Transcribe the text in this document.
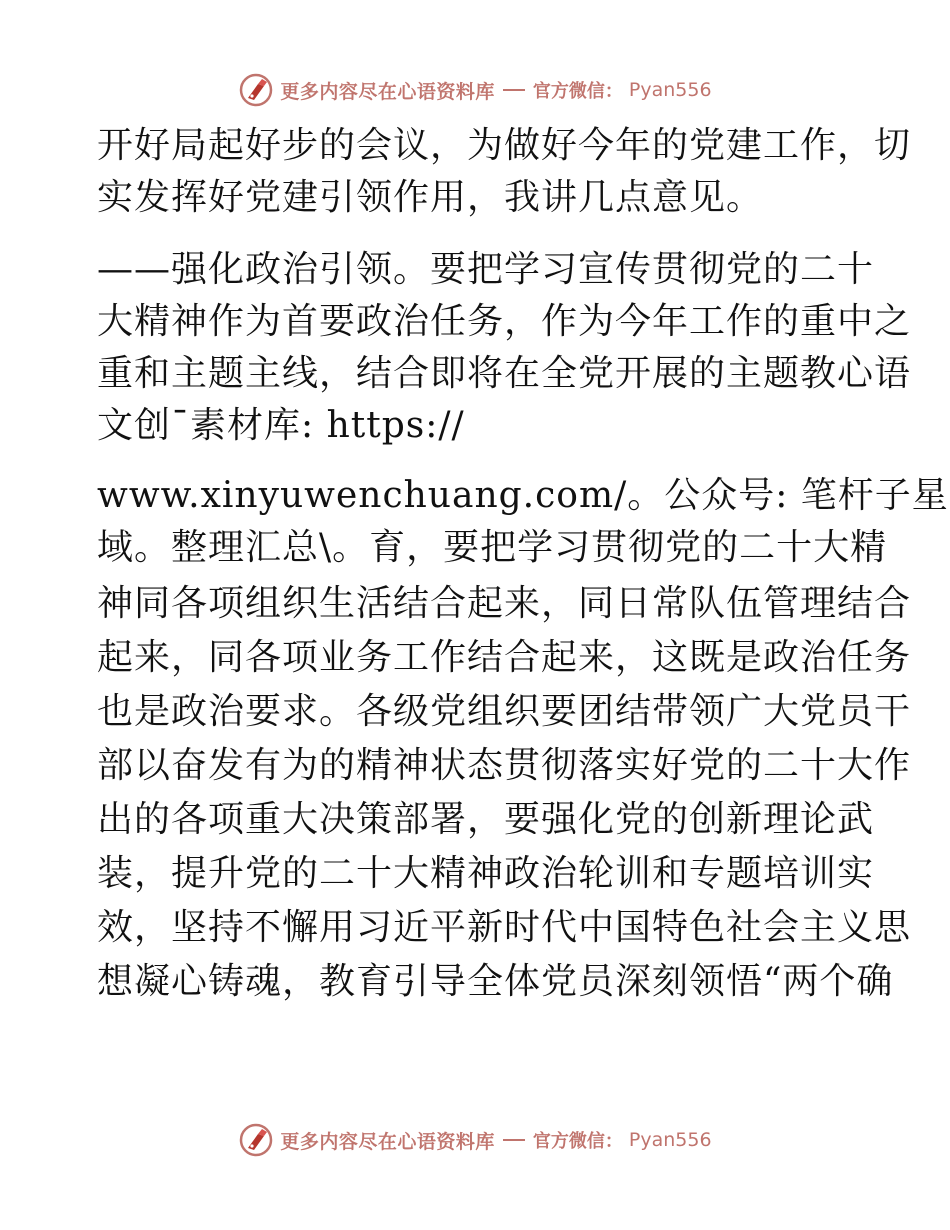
更多内容尽在心语资料库 官方微信： Pyan556
开好局起好步的会议，为做好今年的党建工作，切
实发挥好党建引领作用，我讲几点意见。
——强化政治引领。要把学习宣传贯彻党的二十
大精神作为首要政治任务，作为今年工作的重中之
重和主题主线，结合即将在全党开展的主题教心语
文创¯素材库: https://
www.xinyuwenchuang.com/。公众号: 笔杆子星
域。整理汇总\。育，要把学习贯彻党的二十大精
神同各项组织生活结合起来，同日常队伍管理结合
起来，同各项业务工作结合起来，这既是政治任务
也是政治要求。各级党组织要团结带领广大党员干
部以奋发有为的精神状态贯彻落实好党的二十大作
出的各项重大决策部署，要强化党的创新理论武
装，提升党的二十大精神政治轮训和专题培训实
效，坚持不懈用习近平新时代中国特色社会主义思
想凝心铸魂，教育引导全体党员深刻领悟“两个确
更多内容尽在心语资料库 官方微信： Pyan556
